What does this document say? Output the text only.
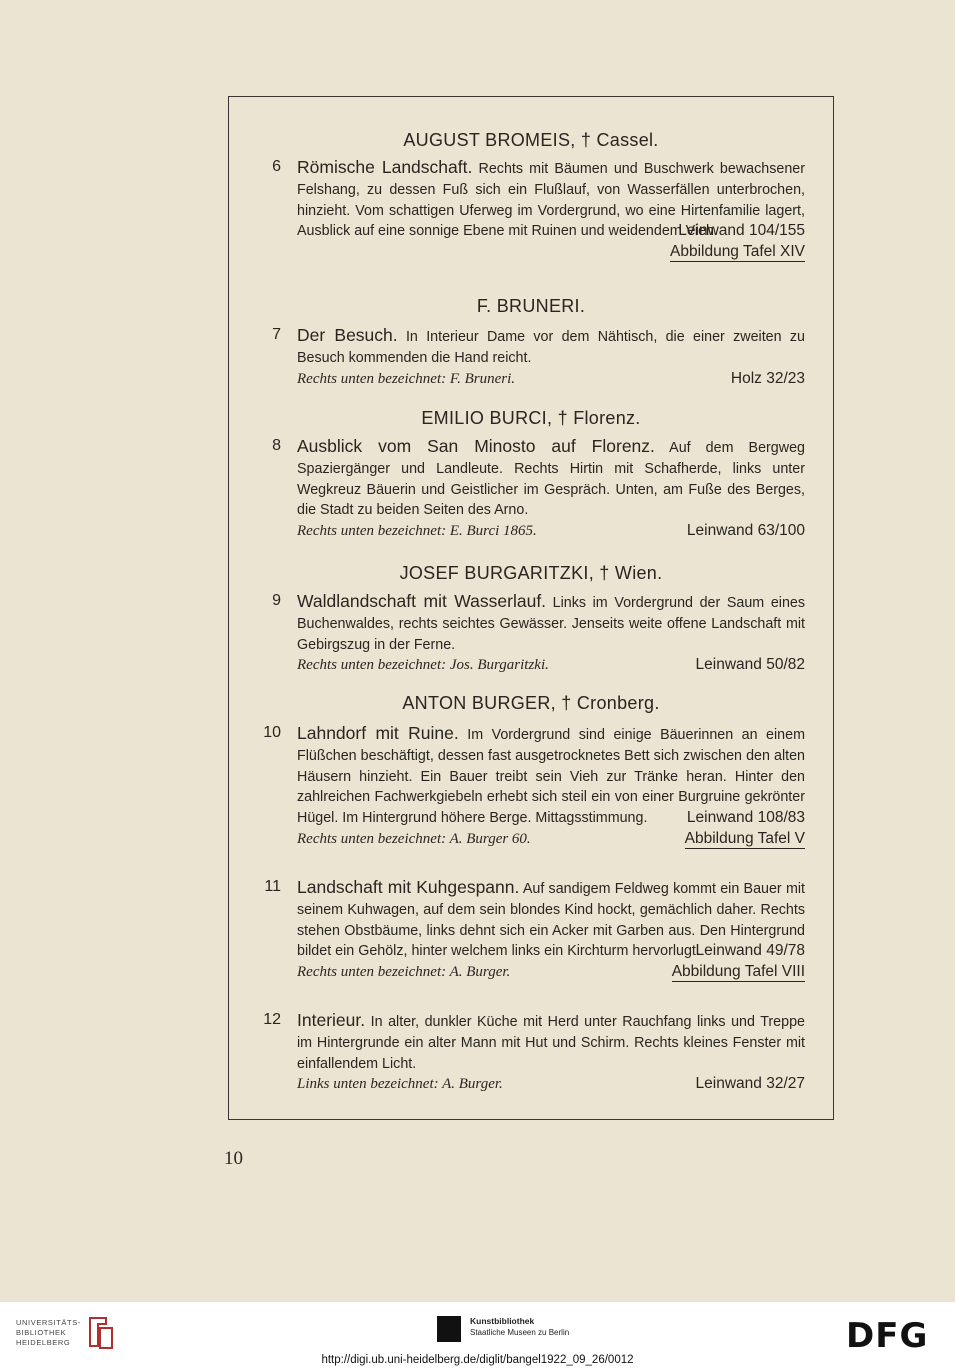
AUGUST BROMEIS, † Cassel.
6 Römische Landschaft. Rechts mit Bäumen und Buschwerk bewachsener Felshang, zu dessen Fuß sich ein Flußlauf, von Wasserfällen unterbrochen, hinzieht. Vom schattigen Uferweg im Vordergrund, wo eine Hirtenfamilie lagert, Ausblick auf eine sonnige Ebene mit Ruinen und weidendem Vieh.
Leinwand 104/155
Abbildung Tafel XIV
F. BRUNERI.
7 Der Besuch. In Interieur Dame vor dem Nähtisch, die einer zweiten zu Besuch kommenden die Hand reicht.
Rechts unten bezeichnet: F. Bruneri.	Holz 32/23
EMILIO BURCI, † Florenz.
8 Ausblick vom San Minosto auf Florenz. Auf dem Bergweg Spaziergänger und Landleute. Rechts Hirtin mit Schafherde, links unter Wegkreuz Bäuerin und Geistlicher im Gespräch. Unten, am Fuße des Berges, die Stadt zu beiden Seiten des Arno.
Rechts unten bezeichnet: E. Burci 1865.	Leinwand 63/100
JOSEF BURGARITZKI, † Wien.
9 Waldlandschaft mit Wasserlauf. Links im Vordergrund der Saum eines Buchenwaldes, rechts seichtes Gewässer. Jenseits weite offene Landschaft mit Gebirgszug in der Ferne.
Rechts unten bezeichnet: Jos. Burgaritzki.	Leinwand 50/82
ANTON BURGER, † Cronberg.
10 Lahndorf mit Ruine. Im Vordergrund sind einige Bäuerinnen an einem Flüßchen beschäftigt, dessen fast ausgetrocknetes Bett sich zwischen den alten Häusern hinzieht. Ein Bauer treibt sein Vieh zur Tränke heran. Hinter den zahlreichen Fachwerkgiebeln erhebt sich steil ein von einer Burgruine gekrönter Hügel. Im Hintergrund höhere Berge. Mittagsstimmung.	Leinwand 108/83
Rechts unten bezeichnet: A. Burger 60.	Abbildung Tafel V
11 Landschaft mit Kuhgespann. Auf sandigem Feldweg kommt ein Bauer mit seinem Kuhwagen, auf dem sein blondes Kind hockt, gemächlich daher. Rechts stehen Obstbäume, links dehnt sich ein Acker mit Garben aus. Den Hintergrund bildet ein Gehölz, hinter welchem links ein Kirchturm hervorlugt.
Leinwand 49/78
Rechts unten bezeichnet: A. Burger.	Abbildung Tafel VIII
12 Interieur. In alter, dunkler Küche mit Herd unter Rauchfang links und Treppe im Hintergrunde ein alter Mann mit Hut und Schirm. Rechts kleines Fenster mit einfallendem Licht.
Links unten bezeichnet: A. Burger.	Leinwand 32/27
10
UNIVERSITÄTS-
BIBLIOTHEK
HEIDELBERG
Kunstbibliothek
Staatliche Museen zu Berlin	DFG
http://digi.ub.uni-heidelberg.de/diglit/bangel1922_09_26/0012
